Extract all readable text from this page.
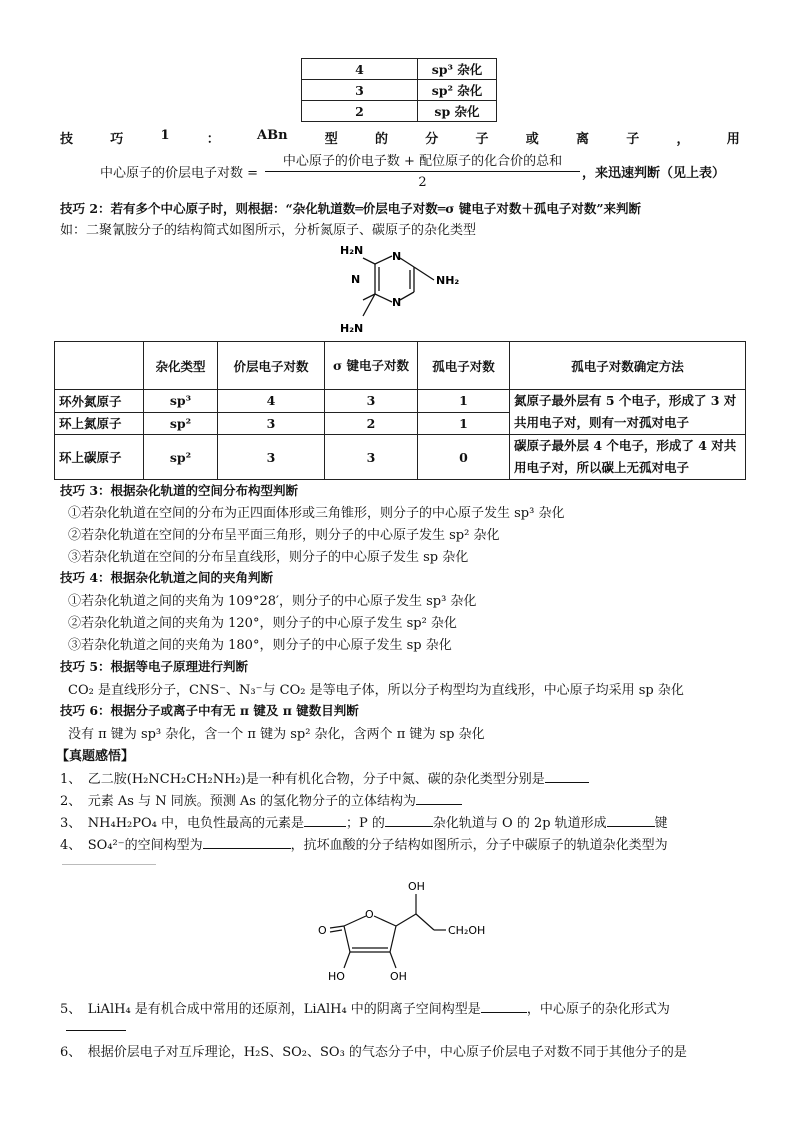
4	sp³ 杂化
3	sp² 杂化
2	sp 杂化
技	巧	1	：	ABn	型	的	分	子	或	离	子	，	用
中心原子的价层电子对数 =
中心原子的价电子数 + 配位原子的化合价的总和
2
，来迅速判断（见上表）
技巧 2：若有多个中心原子时，则根据：“杂化轨道数═价层电子对数═σ 键电子对数＋孤电子对数”来判断
如：二聚氰胺分子的结构简式如图所示，分析氮原子、碳原子的杂化类型
H₂N	N
N
N
NH₂
H₂N
	杂化类型	价层电子对数	σ 键电子对数	孤电子对数	孤电子对数确定方法
环外氮原子	sp³	4	3	1	氮原子最外层有 5 个电子，形成了 3 对共用电子对，则有一对孤对电子
环上氮原子	sp²	3	2	1	
环上碳原子	sp²	3	3	0	碳原子最外层 4 个电子，形成了 4 对共用电子对，所以碳上无孤对电子
技巧 3：根据杂化轨道的空间分布构型判断
①若杂化轨道在空间的分布为正四面体形或三角锥形，则分子的中心原子发生 sp³ 杂化
②若杂化轨道在空间的分布呈平面三角形，则分子的中心原子发生 sp² 杂化
③若杂化轨道在空间的分布呈直线形，则分子的中心原子发生 sp 杂化
技巧 4：根据杂化轨道之间的夹角判断
①若杂化轨道之间的夹角为 109°28′，则分子的中心原子发生 sp³ 杂化
②若杂化轨道之间的夹角为 120°，则分子的中心原子发生 sp² 杂化
③若杂化轨道之间的夹角为 180°，则分子的中心原子发生 sp 杂化
技巧 5：根据等电子原理进行判断
CO₂ 是直线形分子，CNS⁻、N₃⁻与 CO₂ 是等电子体，所以分子构型均为直线形，中心原子均采用 sp 杂化
技巧 6：根据分子或离子中有无 π 键及 π 键数目判断
没有 π 键为 sp³ 杂化，含一个 π 键为 sp² 杂化，含两个 π 键为 sp 杂化
【真题感悟】
1、　乙二胺(H₂NCH₂CH₂NH₂)是一种有机化合物，分子中氮、碳的杂化类型分别是
2、　元素 As 与 N 同族。预测 As 的氢化物分子的立体结构为
3、　NH₄H₂PO₄ 中，电负性最高的元素是	；P 的	杂化轨道与 O 的 2p 轨道形成	键
4、　SO₄²⁻的空间构型为	，抗坏血酸的分子结构如图所示，分子中碳原子的轨道杂化类型为
O
O
OH
CH₂OH
HO	OH
5、　LiAlH₄ 是有机合成中常用的还原剂，LiAlH₄ 中的阴离子空间构型是	，中心原子的杂化形式为
6、　根据价层电子对互斥理论，H₂S、SO₂、SO₃ 的气态分子中，中心原子价层电子对数不同于其他分子的是
